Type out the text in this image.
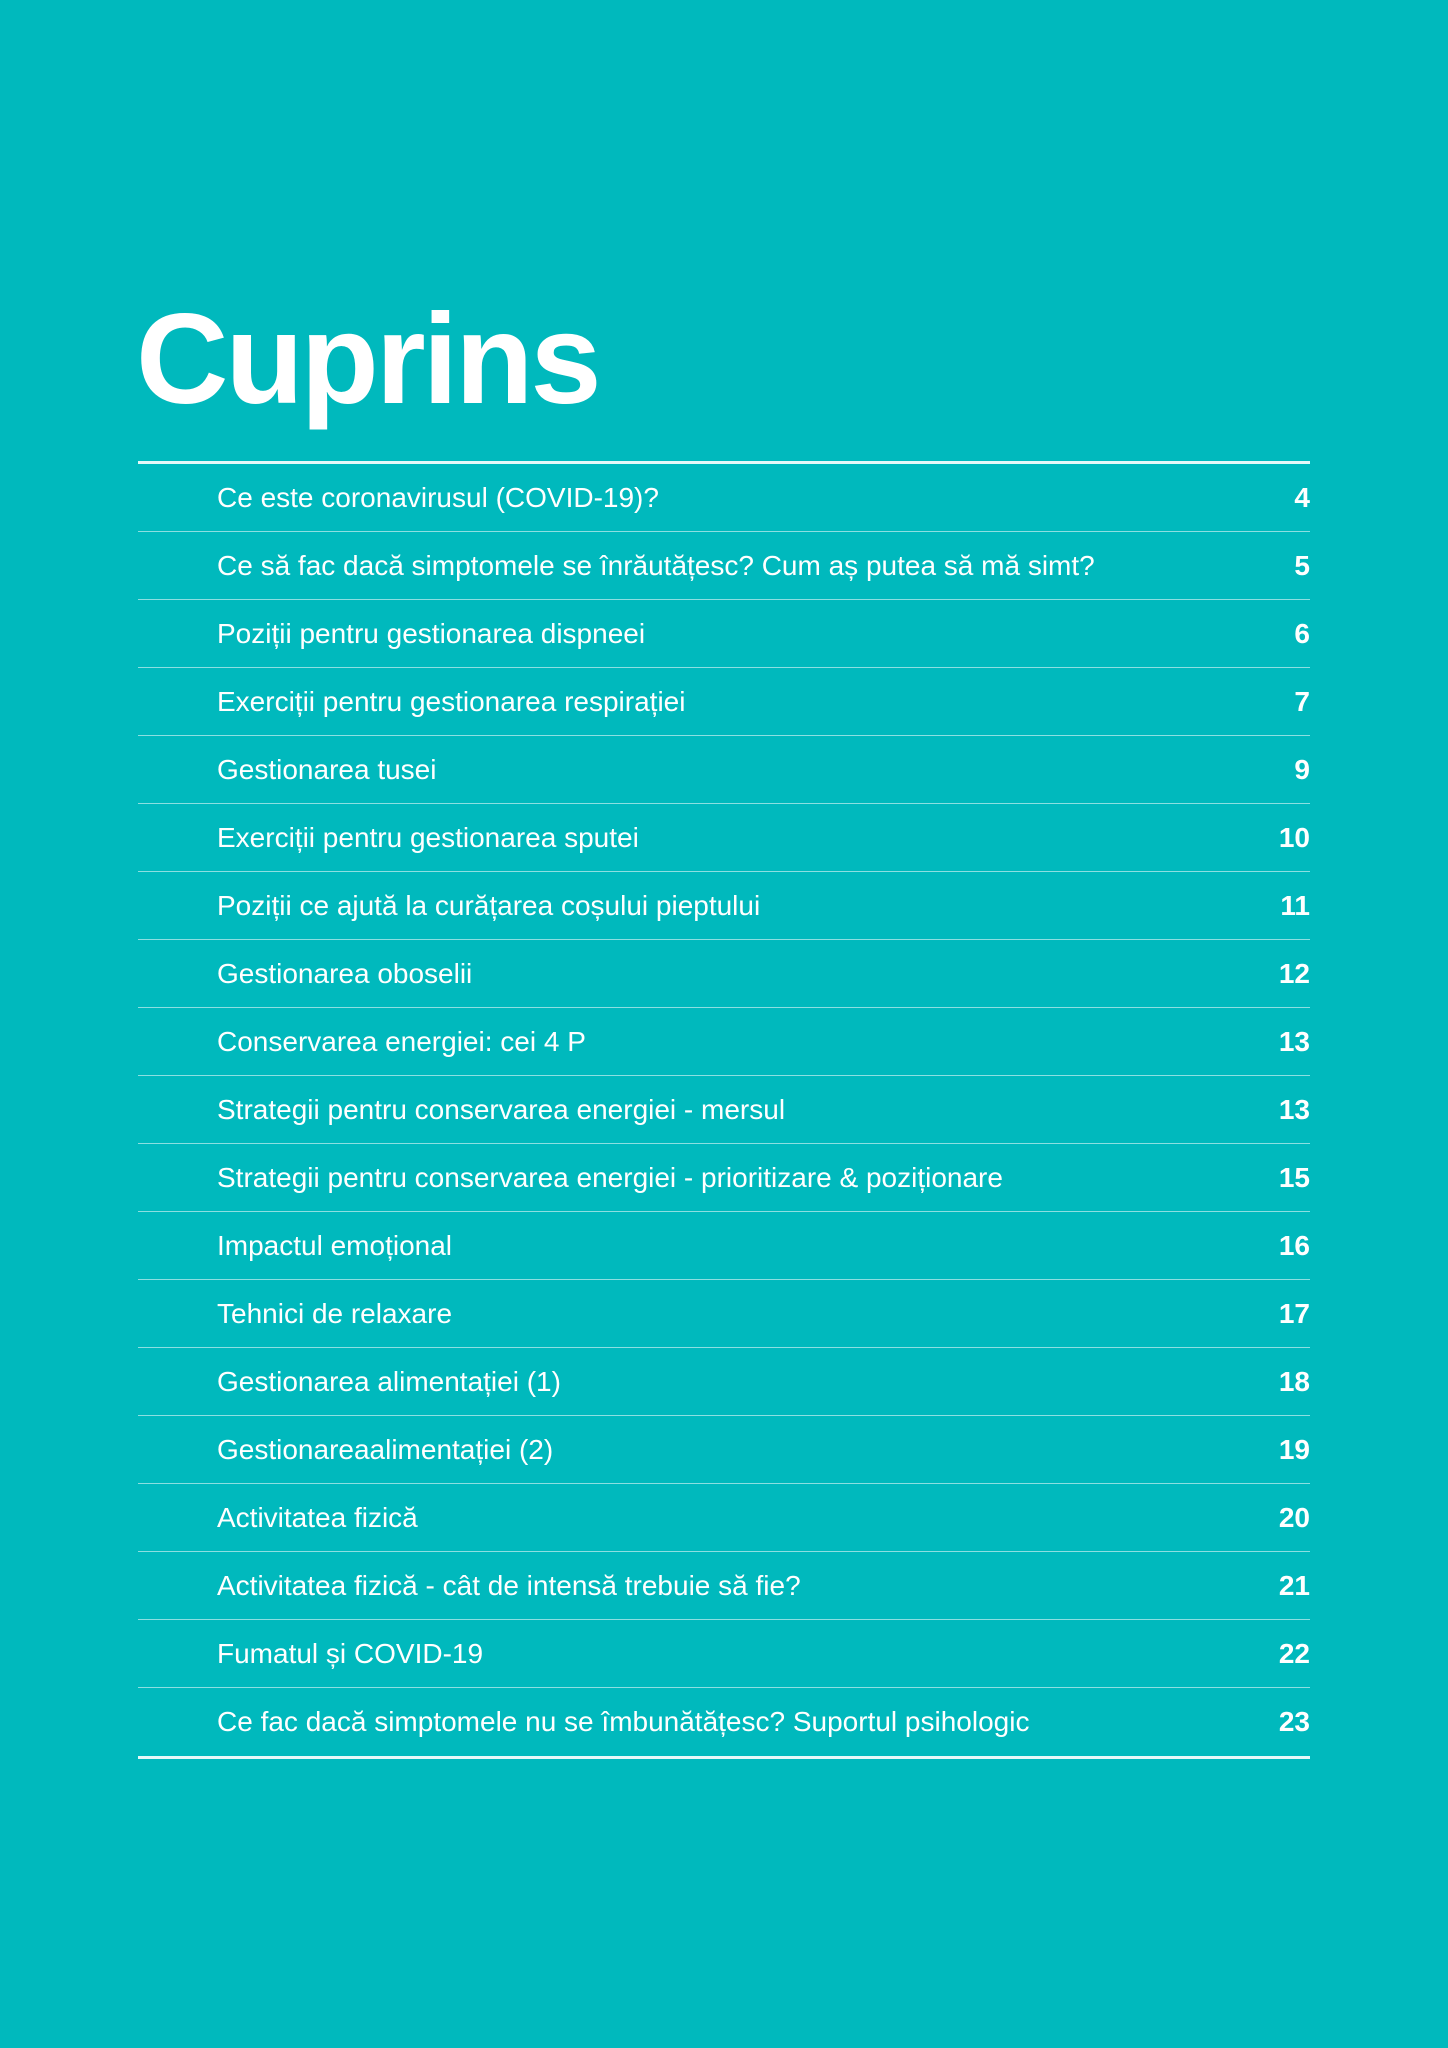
Cuprins
Ce este coronavirusul (COVID-19)?	4
Ce să fac dacă simptomele se înrăutățesc? Cum aș putea să mă simt?	5
Poziții pentru gestionarea dispneei	6
Exerciții pentru gestionarea respirației	7
Gestionarea tusei	9
Exerciții pentru gestionarea sputei	10
Poziții ce ajută la curățarea coșului pieptului	11
Gestionarea oboselii	12
Conservarea energiei: cei 4 P	13
Strategii pentru conservarea energiei - mersul	13
Strategii pentru conservarea energiei - prioritizare & poziționare	15
Impactul emoțional	16
Tehnici de relaxare	17
Gestionarea alimentației (1)	18
Gestionareaalimentației (2)	19
Activitatea fizică	20
Activitatea fizică - cât de intensă trebuie să fie?	21
Fumatul și COVID-19	22
Ce fac dacă simptomele nu se îmbunătățesc? Suportul psihologic	23
